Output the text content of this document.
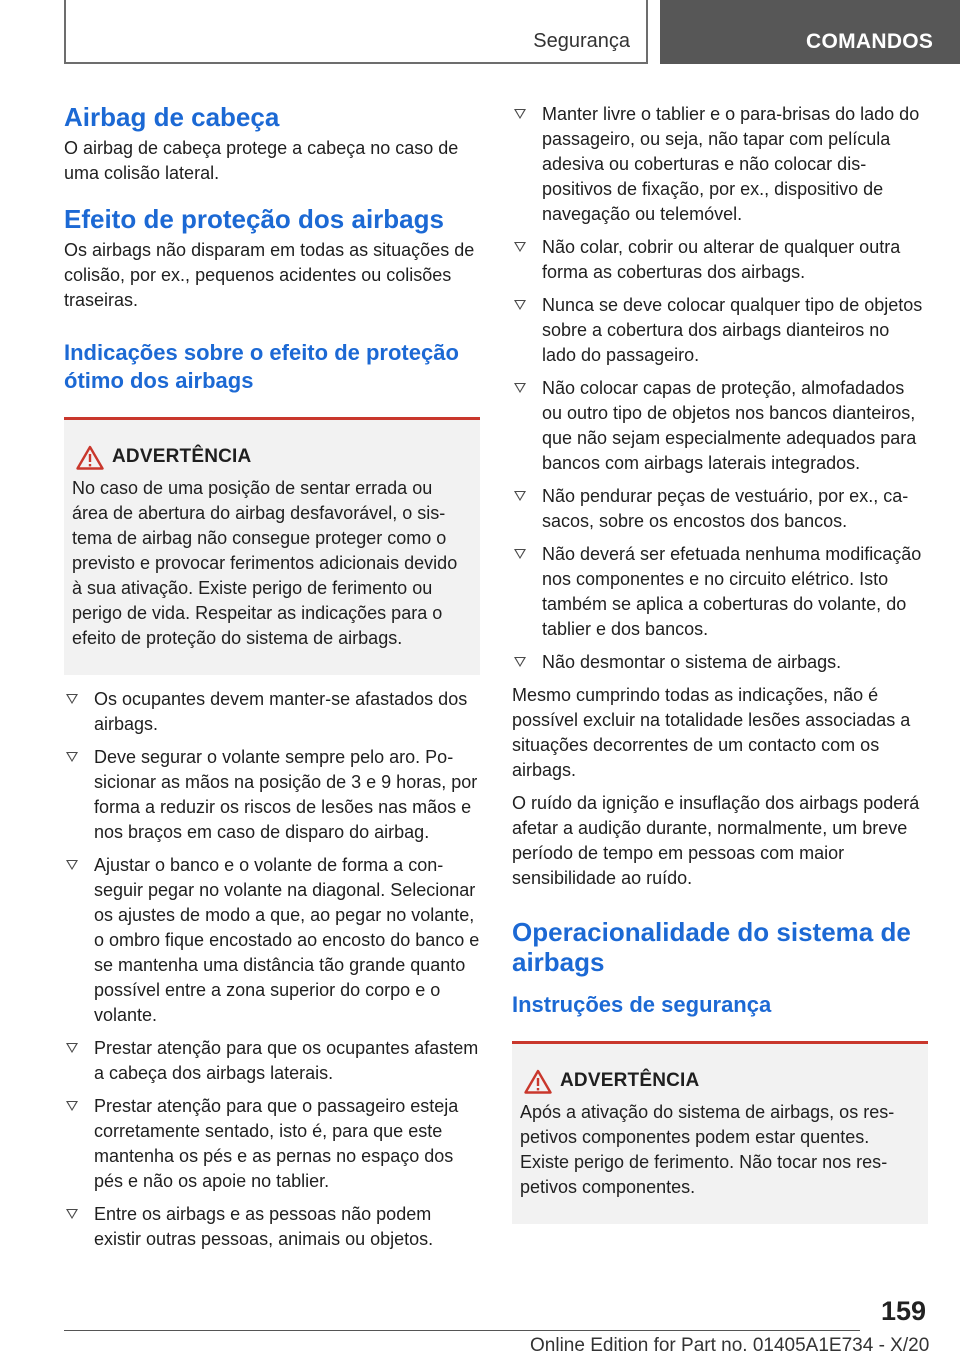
Segurança	COMANDOS
Airbag de cabeça

O airbag de cabeça protege a cabeça no caso de uma colisão lateral.

Efeito de proteção dos airbags

Os airbags não disparam em todas as situações de colisão, por ex., pequenos acidentes ou colisões traseiras.

Indicações sobre o efeito de proteção ótimo dos airbags
ADVERTÊNCIA

No caso de uma posição de sentar errada ou área de abertura do airbag desfavorável, o sistema de airbag não consegue proteger como o previsto e provocar ferimentos adicionais devido à sua ativação. Existe perigo de ferimento ou perigo de vida. Respeitar as indicações para o efeito de proteção do sistema de airbags.

Os ocupantes devem manter-se afastados dos airbags.
Deve segurar o volante sempre pelo aro. Posicionar as mãos na posição de 3 e 9 horas, por forma a reduzir os riscos de lesões nas mãos e nos braços em caso de disparo do airbag.
Ajustar o banco e o volante de forma a conseguir pegar no volante na diagonal. Selecionar os ajustes de modo a que, ao pegar no volante, o ombro fique encostado ao encosto do banco e se mantenha uma distância tão grande quanto possível entre a zona superior do corpo e o volante.
Prestar atenção para que os ocupantes afastem a cabeça dos airbags laterais.
Prestar atenção para que o passageiro esteja corretamente sentado, isto é, para que este mantenha os pés e as pernas no espaço dos pés e não os apoie no tablier.
Entre os airbags e as pessoas não podem existir outras pessoas, animais ou objetos.
Manter livre o tablier e o para-brisas do lado do passageiro, ou seja, não tapar com película adesiva ou coberturas e não colocar dispositivos de fixação, por ex., dispositivo de navegação ou telemóvel.
Não colar, cobrir ou alterar de qualquer outra forma as coberturas dos airbags.
Nunca se deve colocar qualquer tipo de objetos sobre a cobertura dos airbags dianteiros no lado do passageiro.
Não colocar capas de proteção, almofadados ou outro tipo de objetos nos bancos dianteiros, que não sejam especialmente adequados para bancos com airbags laterais integrados.
Não pendurar peças de vestuário, por ex., casacos, sobre os encostos dos bancos.
Não deverá ser efetuada nenhuma modificação nos componentes e no circuito elétrico. Isto também se aplica a coberturas do volante, do tablier e dos bancos.
Não desmontar o sistema de airbags.

Mesmo cumprindo todas as indicações, não é possível excluir na totalidade lesões associadas a situações decorrentes de um contacto com os airbags.

O ruído da ignição e insuflação dos airbags poderá afetar a audição durante, normalmente, um breve período de tempo em pessoas com maior sensibilidade ao ruído.

Operacionalidade do sistema de airbags
Instruções de segurança
ADVERTÊNCIA

Após a ativação do sistema de airbags, os respetivos componentes podem estar quentes. Existe perigo de ferimento. Não tocar nos respetivos componentes.

159
Online Edition for Part no. 01405A1E734 - X/20
